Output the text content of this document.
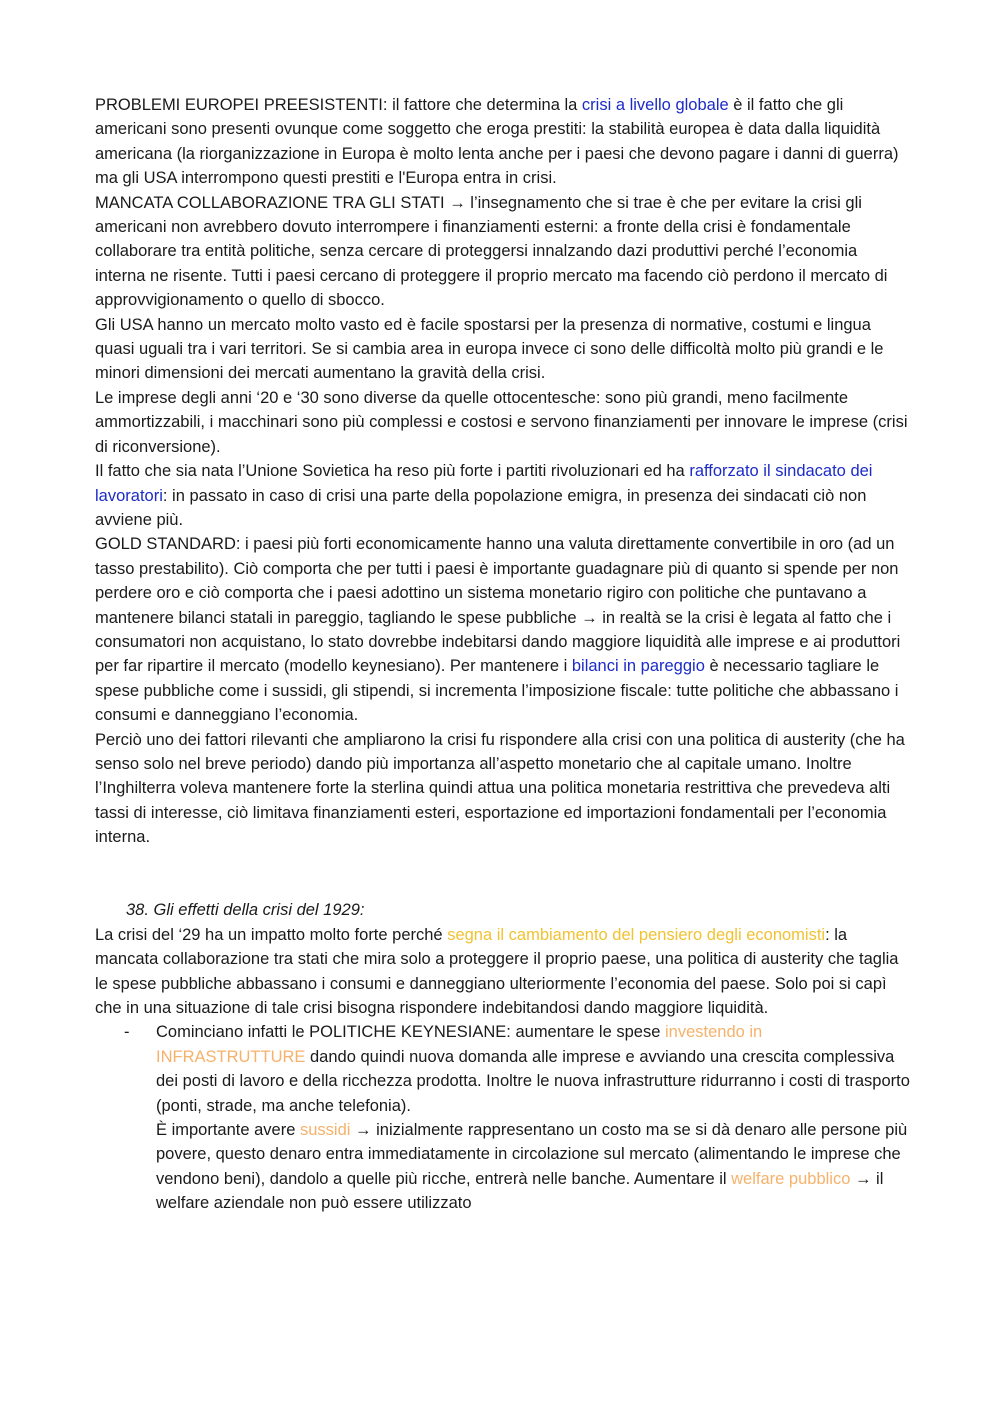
PROBLEMI EUROPEI PREESISTENTI: il fattore che determina la crisi a livello globale è il fatto che gli americani sono presenti ovunque come soggetto che eroga prestiti: la stabilità europea è data dalla liquidità americana (la riorganizzazione in Europa è molto lenta anche per i paesi che devono pagare i danni di guerra) ma gli USA interrompono questi prestiti e l'Europa entra in crisi.

MANCATA COLLABORAZIONE TRA GLI STATI → l’insegnamento che si trae è che per evitare la crisi gli americani non avrebbero dovuto interrompere i finanziamenti esterni: a fronte della crisi è fondamentale collaborare tra entità politiche, senza cercare di proteggersi innalzando dazi produttivi perché l’economia interna ne risente. Tutti i paesi cercano di proteggere il proprio mercato ma facendo ciò perdono il mercato di approvvigionamento o quello di sbocco.

Gli USA hanno un mercato molto vasto ed è facile spostarsi per la presenza di normative, costumi e lingua quasi uguali tra i vari territori. Se si cambia area in europa invece ci sono delle difficoltà molto più grandi e le minori dimensioni dei mercati aumentano la gravità della crisi.

Le imprese degli anni ‘20 e ‘30 sono diverse da quelle ottocentesche: sono più grandi, meno facilmente ammortizzabili, i macchinari sono più complessi e costosi e servono finanziamenti per innovare le imprese (crisi di riconversione).

Il fatto che sia nata l’Unione Sovietica ha reso più forte i partiti rivoluzionari ed ha rafforzato il sindacato dei lavoratori: in passato in caso di crisi una parte della popolazione emigra, in presenza dei sindacati ciò non avviene più.

GOLD STANDARD: i paesi più forti economicamente hanno una valuta direttamente convertibile in oro (ad un tasso prestabilito). Ciò comporta che per tutti i paesi è importante guadagnare più di quanto si spende per non perdere oro e ciò comporta che i paesi adottino un sistema monetario rigiro con politiche che puntavano a mantenere bilanci statali in pareggio, tagliando le spese pubbliche → in realtà se la crisi è legata al fatto che i consumatori non acquistano, lo stato dovrebbe indebitarsi dando maggiore liquidità alle imprese e ai produttori per far ripartire il mercato (modello keynesiano). Per mantenere i bilanci in pareggio è necessario tagliare le spese pubbliche come i sussidi, gli stipendi, si incrementa l’imposizione fiscale: tutte politiche che abbassano i consumi e danneggiano l’economia.

Perciò uno dei fattori rilevanti che ampliarono la crisi fu rispondere alla crisi con una politica di austerity (che ha senso solo nel breve periodo) dando più importanza all’aspetto monetario che al capitale umano. Inoltre l’Inghilterra voleva mantenere forte la sterlina quindi attua una politica monetaria restrittiva che prevedeva alti tassi di interesse, ciò limitava finanziamenti esteri, esportazione ed importazioni fondamentali per l’economia interna.

38. Gli effetti della crisi del 1929:

La crisi del ‘29 ha un impatto molto forte perché segna il cambiamento del pensiero degli economisti: la mancata collaborazione tra stati che mira solo a proteggere il proprio paese, una politica di austerity che taglia le spese pubbliche abbassano i consumi e danneggiano ulteriormente l’economia del paese. Solo poi si capì che in una situazione di tale crisi bisogna rispondere indebitandosi dando maggiore liquidità.

- Cominciano infatti le POLITICHE KEYNESIANE: aumentare le spese investendo in INFRASTRUTTURE dando quindi nuova domanda alle imprese e avviando una crescita complessiva dei posti di lavoro e della ricchezza prodotta. Inoltre le nuova infrastrutture ridurranno i costi di trasporto (ponti, strade, ma anche telefonia).

È importante avere sussidi → inizialmente rappresentano un costo ma se si dà denaro alle persone più povere, questo denaro entra immediatamente in circolazione sul mercato (alimentando le imprese che vendono beni), dandolo a quelle più ricche, entrerà nelle banche. Aumentare il welfare pubblico → il welfare aziendale non può essere utilizzato
